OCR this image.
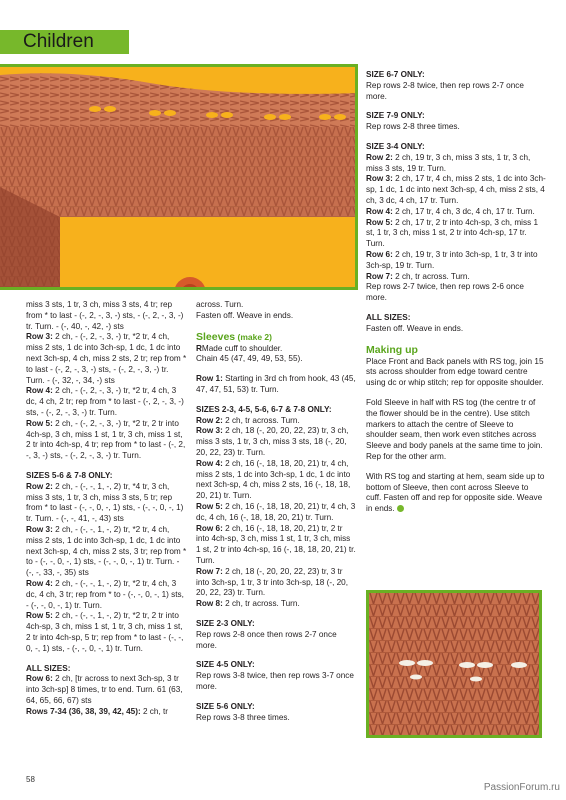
Children

miss 3 sts, 1 tr, 3 ch, miss 3 sts, 4 tr; rep from * to last - (-, 2, -, 3, -) sts, - (-, 2, -, 3, -) tr. Turn. - (-, 40, -, 42, -) sts

Row 3: 2 ch, - (-, 2, -, 3, -) tr, *2 tr, 4 ch, miss 2 sts, 1 dc into 3ch-sp, 1 dc, 1 dc into next 3ch-sp, 4 ch, miss 2 sts, 2 tr; rep from * to last - (-, 2, -, 3, -) sts, - (-, 2, -, 3, -) tr. Turn. - (-, 32, -, 34, -) sts

Row 4: 2 ch, - (-, 2, -, 3, -) tr, *2 tr, 4 ch, 3 dc, 4 ch, 2 tr; rep from * to last - (-, 2, -, 3, -) sts, - (-, 2, -, 3, -) tr. Turn.

Row 5: 2 ch, - (-, 2, -, 3, -) tr, *2 tr, 2 tr into 4ch-sp, 3 ch, miss 1 st, 1 tr, 3 ch, miss 1 st, 2 tr into 4ch-sp, 4 tr; rep from * to last - (-, 2, -, 3, -) sts, - (-, 2, -, 3, -) tr. Turn.

SIZES 5-6 & 7-8 ONLY:

Row 2: 2 ch, - (-, -, 1, -, 2) tr, *4 tr, 3 ch, miss 3 sts, 1 tr, 3 ch, miss 3 sts, 5 tr; rep from * to last - (-, -, 0, -, 1) sts, - (-, -, 0, -, 1) tr. Turn. - (-, -, 41, -, 43) sts

Row 3: 2 ch, - (-, -, 1, -, 2) tr, *2 tr, 4 ch, miss 2 sts, 1 dc into 3ch-sp, 1 dc, 1 dc into next 3ch-sp, 4 ch, miss 2 sts, 3 tr; rep from * to - (-, -, 0, -, 1) sts, - (-, -, 0, -, 1) tr. Turn. - (-, -, 33, -, 35) sts

Row 4: 2 ch, - (-, -, 1, -, 2) tr, *2 tr, 4 ch, 3 dc, 4 ch, 3 tr; rep from * to - (-, -, 0, -, 1) sts, - (-, -, 0, -, 1) tr. Turn.

Row 5: 2 ch, - (-, -, 1, -, 2) tr, *2 tr, 2 tr into 4ch-sp, 3 ch, miss 1 st, 1 tr, 3 ch, miss 1 st, 2 tr into 4ch-sp, 5 tr; rep from * to last - (-, -, 0, -, 1) sts, - (-, -, 0, -, 1) tr. Turn.

ALL SIZES:

Row 6: 2 ch, [tr across to next 3ch-sp, 3 tr into 3ch-sp] 8 times, tr to end. Turn. 61 (63, 64, 65, 66, 67) sts

Rows 7-34 (36, 38, 39, 42, 45): 2 ch, tr

across. Turn.

Fasten off. Weave in ends.

Sleeves (make 2)

RMade cuff to shoulder.

Chain 45 (47, 49, 49, 53, 55).

Row 1: Starting in 3rd ch from hook, 43 (45, 47, 47, 51, 53) tr. Turn.

SIZES 2-3, 4-5, 5-6, 6-7 & 7-8 ONLY:

Row 2: 2 ch, tr across. Turn.

Row 3: 2 ch, 18 (-, 20, 20, 22, 23) tr, 3 ch, miss 3 sts, 1 tr, 3 ch, miss 3 sts, 18 (-, 20, 20, 22, 23) tr. Turn.

Row 4: 2 ch, 16 (-, 18, 18, 20, 21) tr, 4 ch, miss 2 sts, 1 dc into 3ch-sp, 1 dc, 1 dc into next 3ch-sp, 4 ch, miss 2 sts, 16 (-, 18, 18, 20, 21) tr. Turn.

Row 5: 2 ch, 16 (-, 18, 18, 20, 21) tr, 4 ch, 3 dc, 4 ch, 16 (-, 18, 18, 20, 21) tr. Turn.

Row 6: 2 ch, 16 (-, 18, 18, 20, 21) tr, 2 tr into 4ch-sp, 3 ch, miss 1 st, 1 tr, 3 ch, miss 1 st, 2 tr into 4ch-sp, 16 (-, 18, 18, 20, 21) tr. Turn.

Row 7: 2 ch, 18 (-, 20, 20, 22, 23) tr, 3 tr into 3ch-sp, 1 tr, 3 tr into 3ch-sp, 18 (-, 20, 20, 22, 23) tr. Turn.

Row 8: 2 ch, tr across. Turn.

SIZE 2-3 ONLY:

Rep rows 2-8 once then rows 2-7 once more.

SIZE 4-5 ONLY:

Rep rows 3-8 twice, then rep rows 3-7 once more.

SIZE 5-6 ONLY:

Rep rows 3-8 three times.

SIZE 6-7 ONLY:

Rep rows 2-8 twice, then rep rows 2-7 once more.

SIZE 7-9 ONLY:

Rep rows 2-8 three times.

SIZE 3-4 ONLY:

Row 2: 2 ch, 19 tr, 3 ch, miss 3 sts, 1 tr, 3 ch, miss 3 sts, 19 tr. Turn.

Row 3: 2 ch, 17 tr, 4 ch, miss 2 sts, 1 dc into 3ch-sp, 1 dc, 1 dc into next 3ch-sp, 4 ch, miss 2 sts, 4 ch, 3 dc, 4 ch, 17 tr. Turn.

Row 4: 2 ch, 17 tr, 4 ch, 3 dc, 4 ch, 17 tr. Turn.

Row 5: 2 ch, 17 tr, 2 tr into 4ch-sp, 3 ch, miss 1 st, 1 tr, 3 ch, miss 1 st, 2 tr into 4ch-sp, 17 tr. Turn.

Row 6: 2 ch, 19 tr, 3 tr into 3ch-sp, 1 tr, 3 tr into 3ch-sp, 19 tr. Turn.

Row 7: 2 ch, tr across. Turn.

Rep rows 2-7 twice, then rep rows 2-6 once more.

ALL SIZES:

Fasten off. Weave in ends.

Making up

Place Front and Back panels with RS tog, join 15 sts across shoulder from edge toward centre using dc or whip stitch; rep for opposite shoulder.

Fold Sleeve in half with RS tog (the centre tr of the flower should be in the centre). Use stitch markers to attach the centre of Sleeve to shoulder seam, then work even stitches across Sleeve and body panels at the same time to join. Rep for the other arm.

With RS tog and starting at hem, seam side up to bottom of Sleeve, then cont across Sleeve to cuff. Fasten off and rep for opposite side. Weave in ends.

58
PassionForum.ru
